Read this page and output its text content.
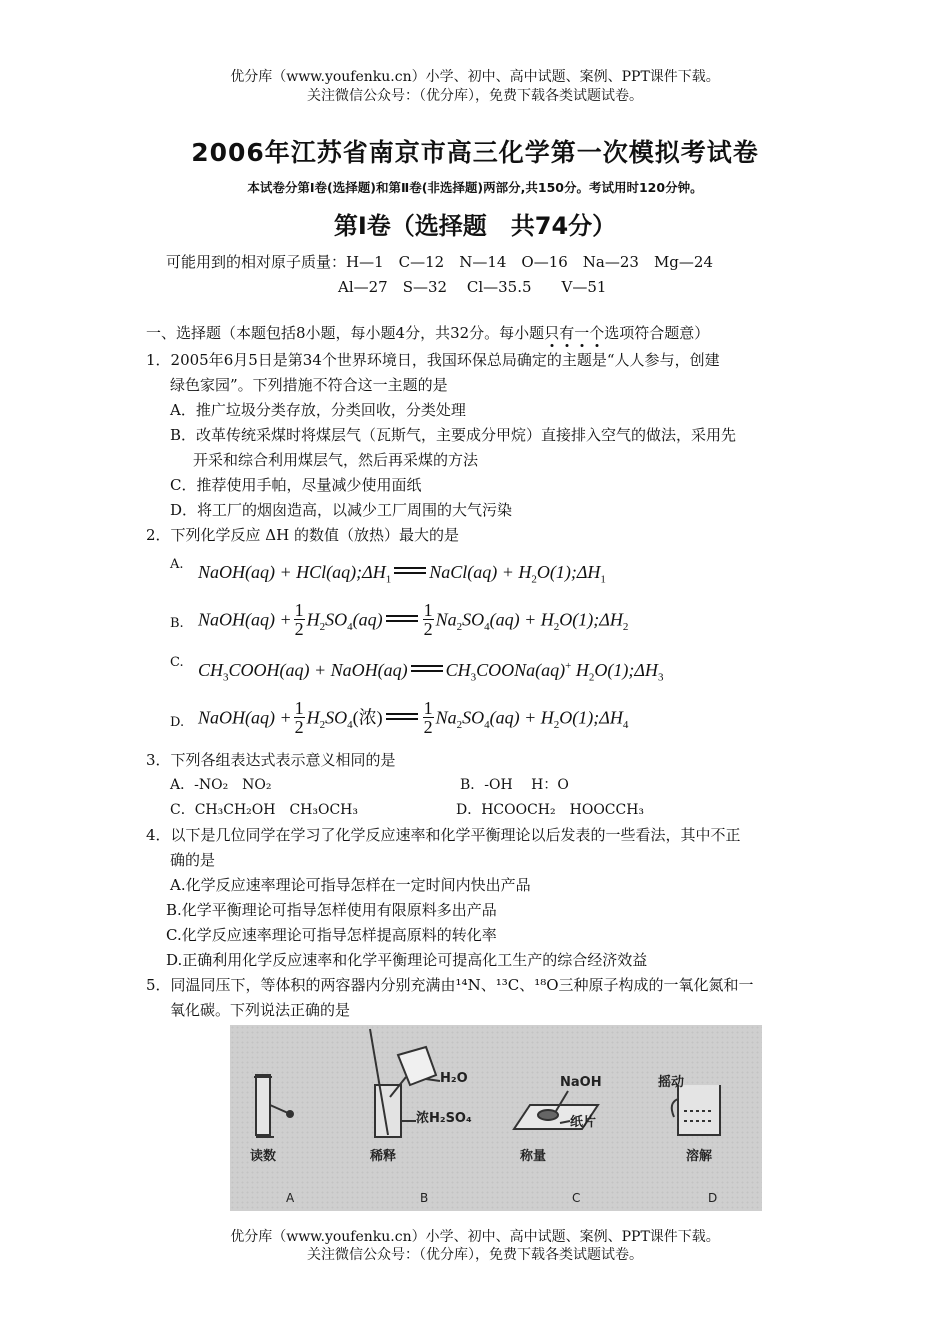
优分库（www.youfenku.cn）小学、初中、高中试题、案例、PPT课件下载。
关注微信公众号：（优分库），免费下载各类试题试卷。
2006年江苏省南京市高三化学第一次模拟考试卷
本试卷分第Ⅰ卷(选择题)和第Ⅱ卷(非选择题)两部分,共150分。考试用时120分钟。
第Ⅰ卷（选择题　共74分）
可能用到的相对原子质量：H—1　C—12　N—14　O—16　Na—23　Mg—24
Al—27　S—32　 Cl—35.5　　V—51
一、选择题（本题包括8小题，每小题4分，共32分。每小题只有一个选项符合题意）
1．2005年6月5日是第34个世界环境日，我国环保总局确定的主题是“人人参与，创建
绿色家园”。下列措施不符合这一主题的是
A．推广垃圾分类存放，分类回收，分类处理
B．改革传统采煤时将煤层气（瓦斯气，主要成分甲烷）直接排入空气的做法，采用先
开采和综合利用煤层气，然后再采煤的方法
C．推荐使用手帕，尽量减少使用面纸
D．将工厂的烟囱造高，以减少工厂周围的大气污染
2．下列化学反应 ΔH 的数值（放热）最大的是
A. NaOH(aq) + $HCl(aq);\Delta H_1$ NaCl(aq) + $H_2O(1);\Delta H_1$
B. NaOH(aq) + $\frac{1}{2} H_2SO_4(aq) \frac{1}{2} Na_2SO_4(aq)$ + $H_2O(1);\Delta H_2$
C. $CH_3COOH(aq)$ + NaOH(aq) $CH_3COONa(aq)^+$ $H_2O(1);\Delta H_3$
D. NaOH(aq) + $\frac{1}{2} H_2SO_4$(浓) $\frac{1}{2} Na_2SO_4(aq)$ + $H_2O(1);\Delta H_4$
3．下列各组表达式表示意义相同的是
A．-NO₂　NO₂	B．-OH　 H：O
C．CH₃CH₂OH　CH₃OCH₃	D．HCOOCH₂　HOOCCH₃
4．以下是几位同学在学习了化学反应速率和化学平衡理论以后发表的一些看法，其中不正
确的是
A.化学反应速率理论可指导怎样在一定时间内快出产品
B.化学平衡理论可指导怎样使用有限原料多出产品
C.化学反应速率理论可指导怎样提高原料的转化率
D.正确利用化学反应速率和化学平衡理论可提高化工生产的综合经济效益
5．同温同压下，等体积的两容器内分别充满由¹⁴N、¹³C、¹⁸O三种原子构成的一氧化氮和一
氧化碳。下列说法正确的是
H₂O
浓H₂SO₄
NaOH
纸片
摇动
读数	稀释	称量	溶解
A	B	C	D
优分库（www.youfenku.cn）小学、初中、高中试题、案例、PPT课件下载。
关注微信公众号：（优分库），免费下载各类试题试卷。
